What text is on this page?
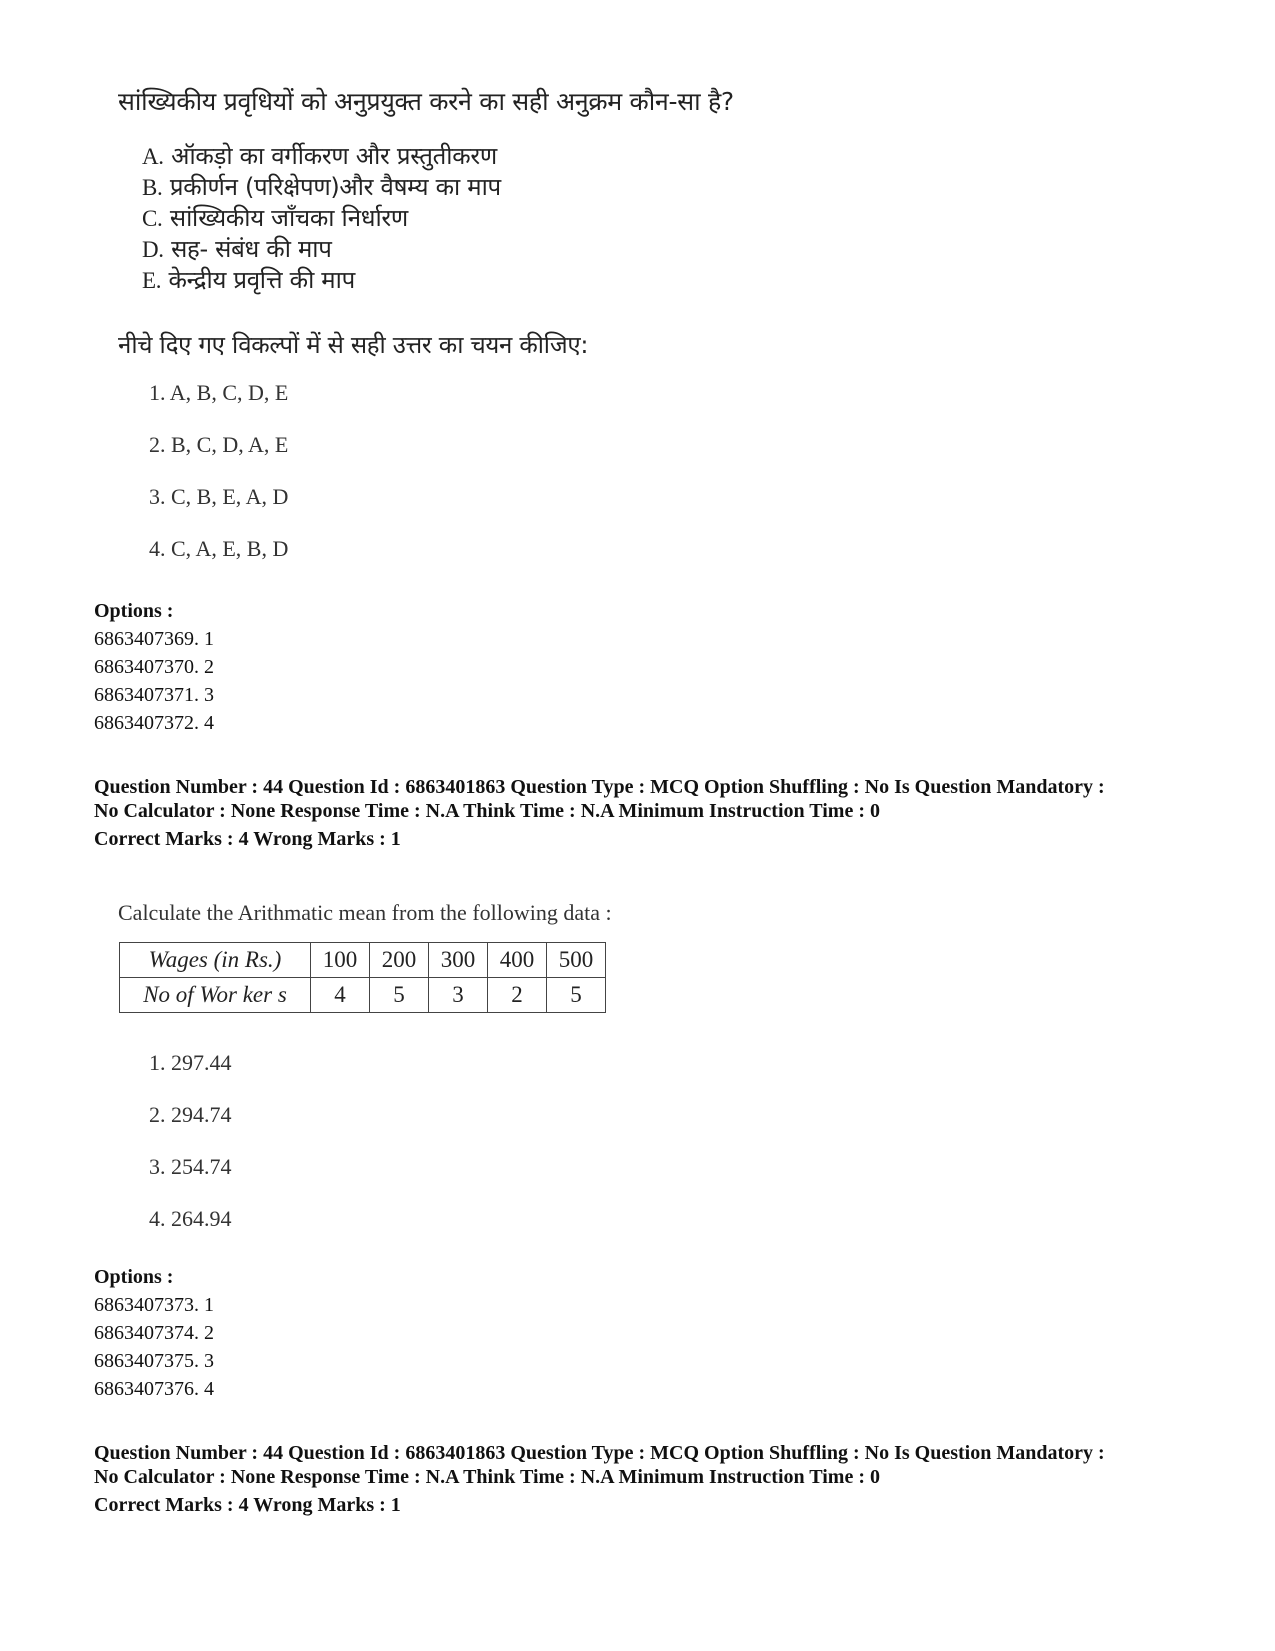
सांख्यिकीय प्रवृधियों को अनुप्रयुक्त करने का सही अनुक्रम कौन-सा है?
A. ऑकड़ो का वर्गीकरण और प्रस्तुतीकरण
B. प्रकीर्णन (परिक्षेपण)और वैषम्य का माप
C. सांख्यिकीय जाँचका निर्धारण
D. सह- संबंध की माप
E. केन्द्रीय प्रवृत्ति की माप
नीचे दिए गए विकल्पों में से सही उत्तर का चयन कीजिए:
1. A, B, C, D, E
2. B, C, D, A, E
3. C, B, E, A, D
4. C, A, E, B, D
Options :
6863407369. 1
6863407370. 2
6863407371. 3
6863407372. 4
Question Number : 44 Question Id : 6863401863 Question Type : MCQ Option Shuffling : No Is Question Mandatory :
No Calculator : None Response Time : N.A Think Time : N.A Minimum Instruction Time : 0
Correct Marks : 4 Wrong Marks : 1
Calculate the Arithmatic mean from the following data :
Wages (in Rs.)	100	200	300	400	500
No of Wor ker s	4	5	3	2	5
1. 297.44
2. 294.74
3. 254.74
4. 264.94
Options :
6863407373. 1
6863407374. 2
6863407375. 3
6863407376. 4
Question Number : 44 Question Id : 6863401863 Question Type : MCQ Option Shuffling : No Is Question Mandatory :
No Calculator : None Response Time : N.A Think Time : N.A Minimum Instruction Time : 0
Correct Marks : 4 Wrong Marks : 1
